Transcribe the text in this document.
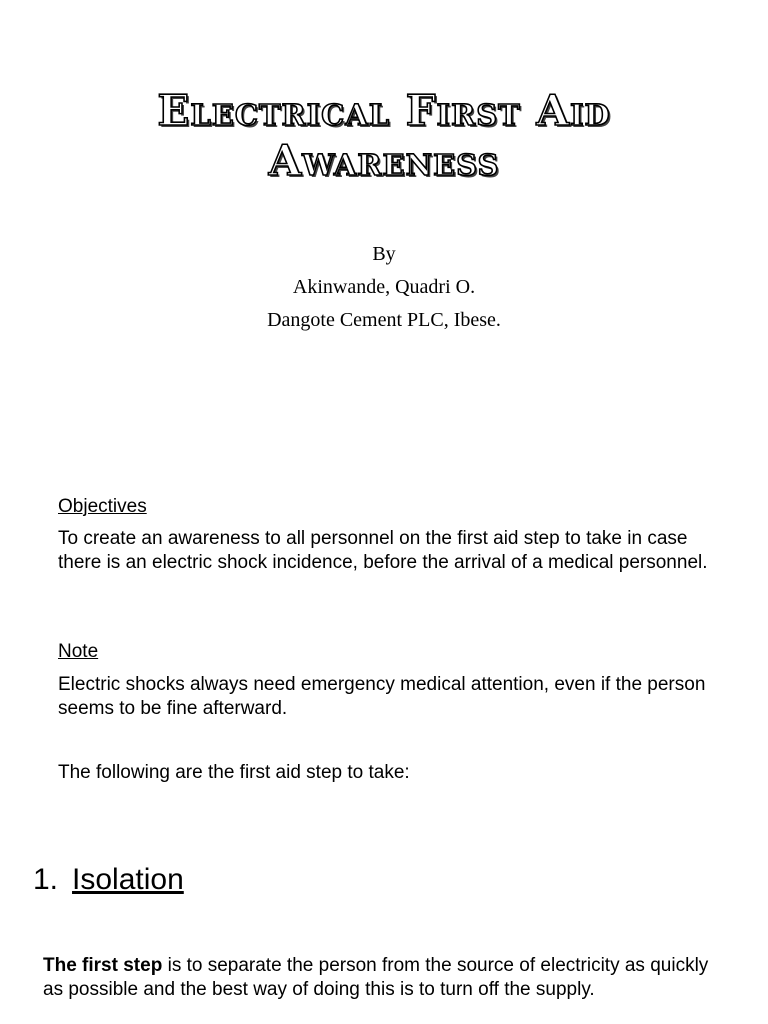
Electrical First Aid
Awareness
By
Akinwande, Quadri O.
Dangote Cement PLC, Ibese.
Objectives
To create an awareness to all personnel on the first aid step to take in case there is an electric shock incidence, before the arrival of a medical personnel.
Note
Electric shocks always need emergency medical attention, even if the person seems to be fine afterward.
The following are the first aid step to take:
1. Isolation
The first step is to separate the person from the source of electricity as quickly as possible and the best way of doing this is to turn off the supply.
